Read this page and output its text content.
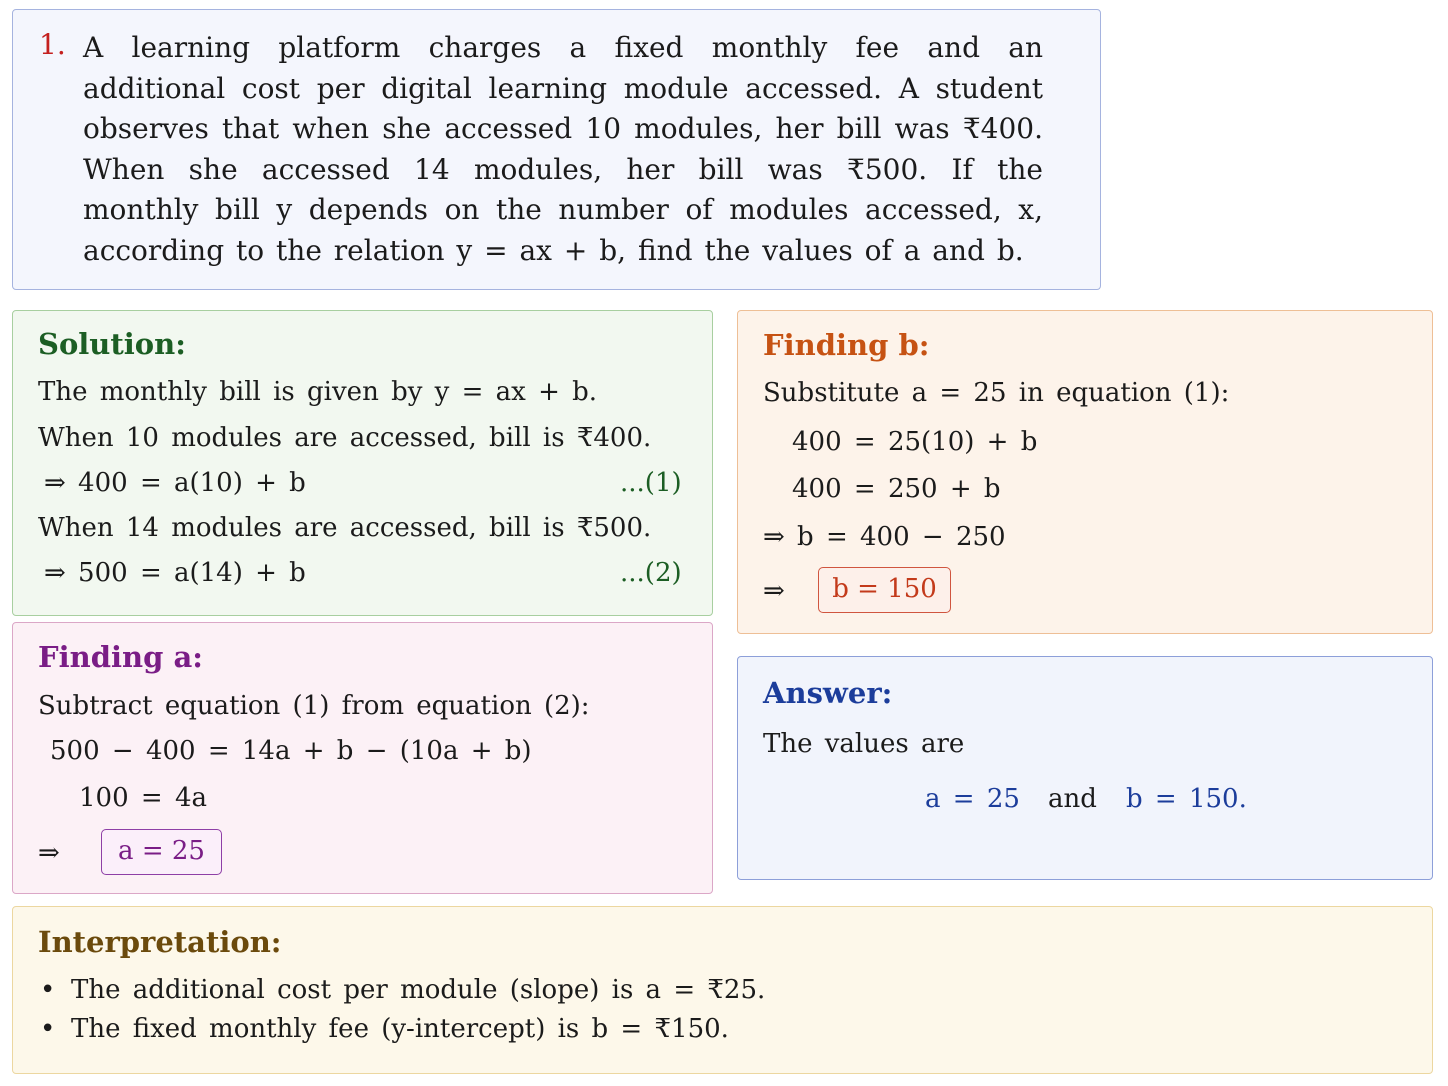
1. A learning platform charges a fixed monthly fee and an additional cost per digital learning module accessed. A student observes that when she accessed 10 modules, her bill was ₹400. When she accessed 14 modules, her bill was ₹500. If the monthly bill y depends on the number of modules accessed, x, according to the relation y = ax + b, find the values of a and b.
Solution:
The monthly bill is given by y = ax + b.
When 10 modules are accessed, bill is ₹400.
⇒ 400 = a(10) + b	...(1)
When 14 modules are accessed, bill is ₹500.
⇒ 500 = a(14) + b	...(2)
Finding a:
Subtract equation (1) from equation (2):
500 − 400 = 14a + b − (10a + b)
100 = 4a
⇒	a = 25
Finding b:
Substitute a = 25 in equation (1):
400 = 25(10) + b
400 = 250 + b
⇒ b = 400 − 250
⇒	b = 150
Answer:
The values are
a = 25 and b = 150.
Interpretation:
• The additional cost per module (slope) is a = ₹25.
• The fixed monthly fee (y-intercept) is b = ₹150.
